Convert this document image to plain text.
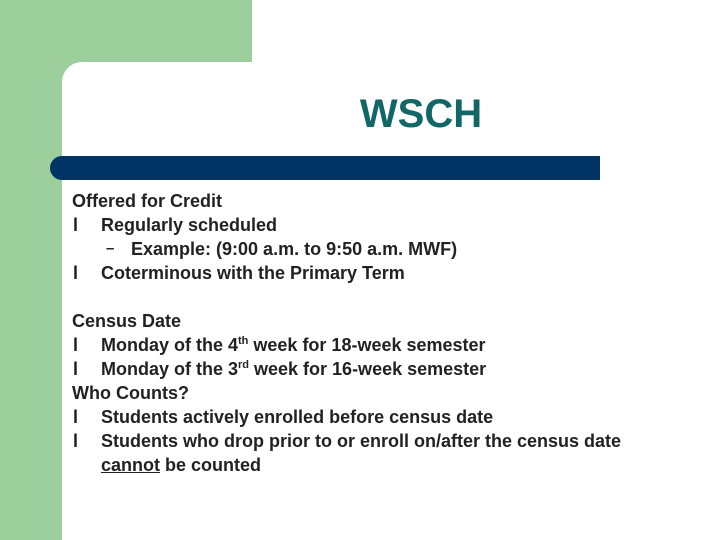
WSCH
Offered for Credit
l Regularly scheduled
– Example: (9:00 a.m. to 9:50 a.m. MWF)
l Coterminous with the Primary Term
Census Date
l Monday of the 4th week for 18-week semester
l Monday of the 3rd week for 16-week semester
Who Counts?
l Students actively enrolled before census date
l Students who drop prior to or enroll on/after the census date cannot be counted
